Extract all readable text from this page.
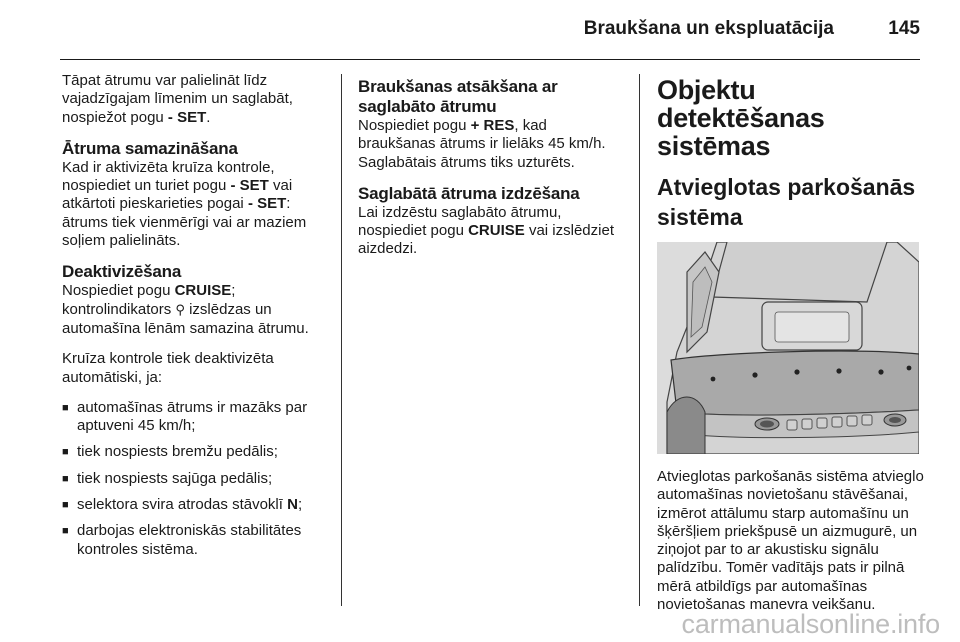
Braukšana un ekspluatācija	145

Tāpat ātrumu var palielināt līdz vajadzīgajam līmenim un saglabāt, nospiežot pogu - SET.

Ātruma samazināšana

Kad ir aktivizēta kruīza kontrole, nospiediet un turiet pogu - SET vai atkārtoti pieskarieties pogai - SET: ātrums tiek vienmērīgi vai ar maziem soļiem palielināts.

Deaktivizēšana

Nospiediet pogu CRUISE; kontrolindikators ⚲ izslēdzas un automašīna lēnām samazina ātrumu.

Kruīza kontrole tiek deaktivizēta automātiski, ja:

■ automašīnas ātrums ir mazāks par aptuveni 45 km/h;
■ tiek nospiests bremžu pedālis;
■ tiek nospiests sajūga pedālis;
■ selektora svira atrodas stāvoklī N;
■ darbojas elektroniskās stabilitātes kontroles sistēma.
Braukšanas atsākšana ar saglabāto ātrumu

Nospiediet pogu + RES, kad braukšanas ātrums ir lielāks 45 km/h. Saglabātais ātrums tiks uzturēts.

Saglabātā ātruma izdzēšana

Lai izdzēstu saglabāto ātrumu, nospiediet pogu CRUISE vai izslēdziet aizdedzi.

Objektu detektēšanas sistēmas
Atvieglotas parkošanās sistēma

Atvieglotas parkošanās sistēma atvieglo automašīnas novietošanu stāvēšanai, izmērot attālumu starp automašīnu un šķēršļiem priekšpusē un aizmugurē, un ziņojot par to ar akustisku signālu palīdzību. Tomēr vadītājs pats ir pilnā mērā atbildīgs par automašīnas novietošanas manevra veikšanu.

carmanualsonline.info
